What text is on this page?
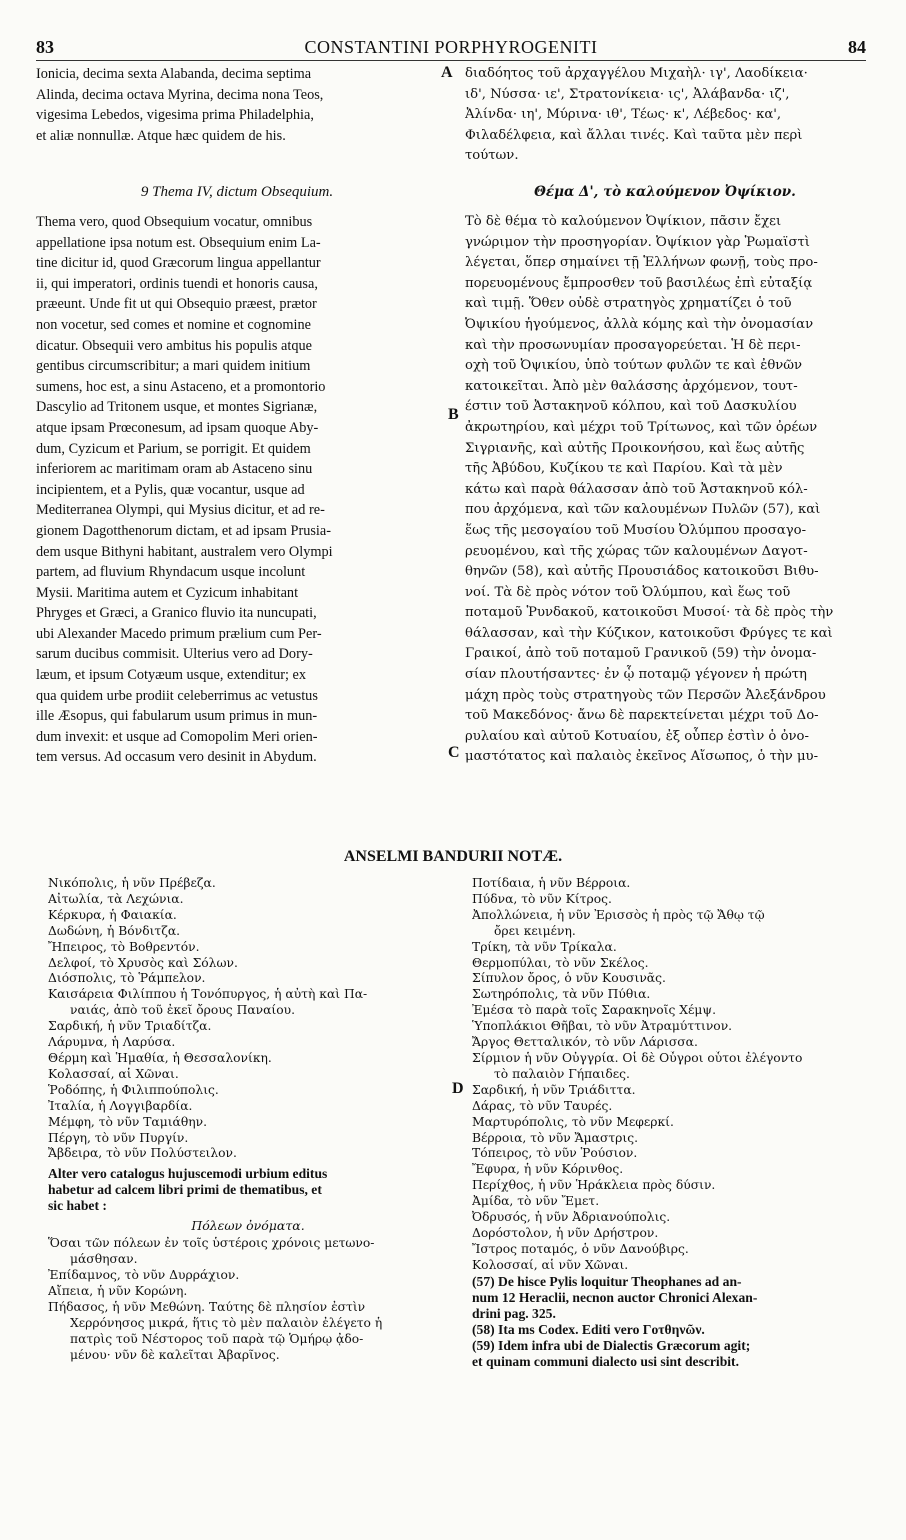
83	CONSTANTINI PORPHYROGENITI	84
Ionicia, decima sexta Alabanda, decima septima
Alinda, decima octava Myrina, decima nona Teos,
vigesima Lebedos, vigesima prima Philadelphia,
et aliæ nonnullæ. Atque hæc quidem de his.
διαδόητος τοῦ ἀρχαγγέλου Μιχαὴλ· ιγ', Λαοδίκεια·
ιδ', Νύσσα· ιε', Στρατονίκεια· ις', Ἀλάβανδα· ιζ',
Ἀλίνδα· ιη', Μύρινα· ιθ', Τέως· κ', Λέβεδος· κα',
Φιλαδέλφεια, καὶ ἄλλαι τινές. Καὶ ταῦτα μὲν περὶ
τούτων.
9 Thema IV, dictum Obsequium.	Θέμα Δ', τὸ καλούμενον Ὀψίκιον.
Thema vero, quod Obsequium vocatur, omnibus
appellatione ipsa notum est. Obsequium enim La-
tine dicitur id, quod Græcorum lingua appellantur
ii, qui imperatori, ordinis tuendi et honoris causa,
præeunt. Unde fit ut qui Obsequio præest, prætor
non vocetur, sed comes et nomine et cognomine
dicatur. Obsequii vero ambitus his populis atque
gentibus circumscribitur; a mari quidem initium
sumens, hoc est, a sinu Astaceno, et a promontorio
Dascylio ad Tritonem usque, et montes Sigrianæ,
atque ipsam Prœconesum, ad ipsam quoque Aby-
dum, Cyzicum et Parium, se porrigit. Et quidem
inferiorem ac maritimam oram ab Astaceno sinu
incipientem, et a Pylis, quæ vocantur, usque ad
Mediterranea Olympi, qui Mysius dicitur, et ad re-
gionem Dagotthenorum dictam, et ad ipsam Prusia-
dem usque Bithyni habitant, australem vero Olympi
partem, ad fluvium Rhyndacum usque incolunt
Mysii. Maritima autem et Cyzicum inhabitant
Phryges et Græci, a Granico fluvio ita nuncupati,
ubi Alexander Macedo primum prælium cum Per-
sarum ducibus commisit. Ulterius vero ad Dory-
læum, et ipsum Cotyæum usque, extenditur; ex
qua quidem urbe prodiit celeberrimus ac vetustus
ille Æsopus, qui fabularum usum primus in mun-
dum invexit: et usque ad Comopolim Meri orien-
tem versus. Ad occasum vero desinit in Abydum.
Τὸ δὲ θέμα τὸ καλούμενον Ὀψίκιον, πᾶσιν ἔχει
γνώριμον τὴν προσηγορίαν. Ὀψίκιον γὰρ Ῥωμαϊστὶ
λέγεται, ὅπερ σημαίνει τῇ Ἑλλήνων φωνῇ, τοὺς προ-
πορευομένους ἔμπροσθεν τοῦ βασιλέως ἐπὶ εὐταξίᾳ
καὶ τιμῇ. Ὅθεν οὐδὲ στρατηγὸς χρηματίζει ὁ τοῦ
Ὀψικίου ἡγούμενος, ἀλλὰ κόμης καὶ τὴν ὀνομασίαν
καὶ τὴν προσωνυμίαν προσαγορεύεται. Ἡ δὲ περι-
οχὴ τοῦ Ὀψικίου, ὑπὸ τούτων φυλῶν τε καὶ ἐθνῶν
κατοικεῖται. Ἀπὸ μὲν θαλάσσης ἀρχόμενον, τουτ-
έστιν τοῦ Ἀστακηνοῦ κόλπου, καὶ τοῦ Δασκυλίου
ἀκρωτηρίου, καὶ μέχρι τοῦ Τρίτωνος, καὶ τῶν ὀρέων
Σιγριανῆς, καὶ αὐτῆς Προικονήσου, καὶ ἕως αὐτῆς
τῆς Ἀβύδου, Κυζίκου τε καὶ Παρίου. Καὶ τὰ μὲν
κάτω καὶ παρὰ θάλασσαν ἀπὸ τοῦ Ἀστακηνοῦ κόλ-
που ἀρχόμενα, καὶ τῶν καλουμένων Πυλῶν (57), καὶ
ἕως τῆς μεσογαίου τοῦ Μυσίου Ὀλύμπου προσαγο-
ρευομένου, καὶ τῆς χώρας τῶν καλουμένων Δαγοτ-
θηνῶν (58), καὶ αὐτῆς Προυσιάδος κατοικοῦσι Βιθυ-
νοί. Τὰ δὲ πρὸς νότον τοῦ Ὀλύμπου, καὶ ἕως τοῦ
ποταμοῦ Ῥυνδακοῦ, κατοικοῦσι Μυσοί· τὰ δὲ πρὸς τὴν
θάλασσαν, καὶ τὴν Κύζικον, κατοικοῦσι Φρύγες τε καὶ
Γραικοί, ἀπὸ τοῦ ποταμοῦ Γρανικοῦ (59) τὴν ὀνομα-
σίαν πλουτήσαντες· ἐν ᾧ ποταμῷ γέγονεν ἡ πρώτη
μάχη πρὸς τοὺς στρατηγοὺς τῶν Περσῶν Ἀλεξάνδρου
τοῦ Μακεδόνος· ἄνω δὲ παρεκτείνεται μέχρι τοῦ Δο-
ρυλαίου καὶ αὐτοῦ Κοτυαίου, ἐξ οὗπερ ἐστὶν ὁ ὀνο-
μαστότατος καὶ παλαιὸς ἐκεῖνος Αἴσωπος, ὁ τὴν μυ-
A
B
C
D
ANSELMI BANDURII NOTÆ.
Νικόπολις, ἡ νῦν Πρέβεζα.
Αἰτωλία, τὰ Λεχώνια.
Κέρκυρα, ἡ Φαιακία.
Δωδώνη, ἡ Βόνδιτζα.
Ἤπειρος, τὸ Βοθρεντόν.
Δελφοί, τὸ Χρυσὸς καὶ Σόλων.
Διόσπολις, τὸ Ῥάμπελον.
Καισάρεια Φιλίππου ἡ Τονόπυργος, ἡ αὐτὴ καὶ Πα-
ναιάς, ἀπὸ τοῦ ἐκεῖ ὄρους Παναίου.
Σαρδική, ἡ νῦν Τριαδίτζα.
Λάρυμνα, ἡ Λαρύσα.
Θέρμη καὶ Ἡμαθία, ἡ Θεσσαλονίκη.
Κολασσαί, αἱ Χῶναι.
Ῥοδόπης, ἡ Φιλιππούπολις.
Ἰταλία, ἡ Λογγιβαρδία.
Μέμφη, τὸ νῦν Ταμιάθην.
Πέργη, τὸ νῦν Πυργίν.
Ἄβδειρα, τὸ νῦν Πολύστειλον.
Alter vero catalogus hujuscemodi urbium editus
habetur ad calcem libri primi de thematibus, et
sic habet :
Πόλεων ὀνόματα.
Ὅσαι τῶν πόλεων ἐν τοῖς ὑστέροις χρόνοις μετωνο-
μάσθησαν.
Ἐπίδαμνος, τὸ νῦν Δυρράχιον.
Αἴπεια, ἡ νῦν Κορώνη.
Πήδασος, ἡ νῦν Μεθώνη. Ταύτης δὲ πλησίον ἐστὶν
Χερρόνησος μικρά, ἥτις τὸ μὲν παλαιὸν ἐλέγετο ἡ
πατρὶς τοῦ Νέστορος τοῦ παρὰ τῷ Ὁμήρῳ ᾀδο-
μένου· νῦν δὲ καλεῖται Ἀβαρῖνος.
Ποτίδαια, ἡ νῦν Βέρροια.
Πύδνα, τὸ νῦν Κίτρος.
Ἀπολλώνεια, ἡ νῦν Ἐρισσὸς ἡ πρὸς τῷ Ἄθῳ τῷ
ὄρει κειμένη.
Τρίκη, τὰ νῦν Τρίκαλα.
Θερμοπύλαι, τὸ νῦν Σκέλος.
Σίπυλον ὄρος, ὁ νῦν Κουσινᾶς.
Σωτηρόπολις, τὰ νῦν Πύθια.
Ἐμέσα τὸ παρὰ τοῖς Σαρακηνοῖς Χέμψ.
Ὑποπλάκιοι Θῆβαι, τὸ νῦν Ἀτραμύττινον.
Ἄργος Θετταλικόν, τὸ νῦν Λάρισσα.
Σίρμιον ἡ νῦν Οὐγγρία. Οἱ δὲ Οὖγροι οὗτοι ἐλέγοντο
τὸ παλαιὸν Γήπαιδες.
Σαρδική, ἡ νῦν Τριάδιττα.
Δάρας, τὸ νῦν Ταυρές.
Μαρτυρόπολις, τὸ νῦν Μεφερκί.
Βέρροια, τὸ νῦν Ἄμαστρις.
Τόπειρος, τὸ νῦν Ῥούσιον.
Ἔφυρα, ἡ νῦν Κόρινθος.
Περίχθος, ἡ νῦν Ἡράκλεια πρὸς δύσιν.
Ἀμίδα, τὸ νῦν Ἔμετ.
Ὀδρυσός, ἡ νῦν Ἀδριανούπολις.
Δορόστολον, ἡ νῦν Δρήστρον.
Ἴστρος ποταμός, ὁ νῦν Δανούβιρς.
Κολοσσαί, αἱ νῦν Χῶναι.
(57) De hisce Pylis loquitur Theophanes ad an-
num 12 Heraclii, necnon auctor Chronici Alexan-
drini pag. 325.
(58) Ita ms Codex. Editi vero Γοτθηνῶν.
(59) Idem infra ubi de Dialectis Græcorum agit;
et quinam communi dialecto usi sint describit.
